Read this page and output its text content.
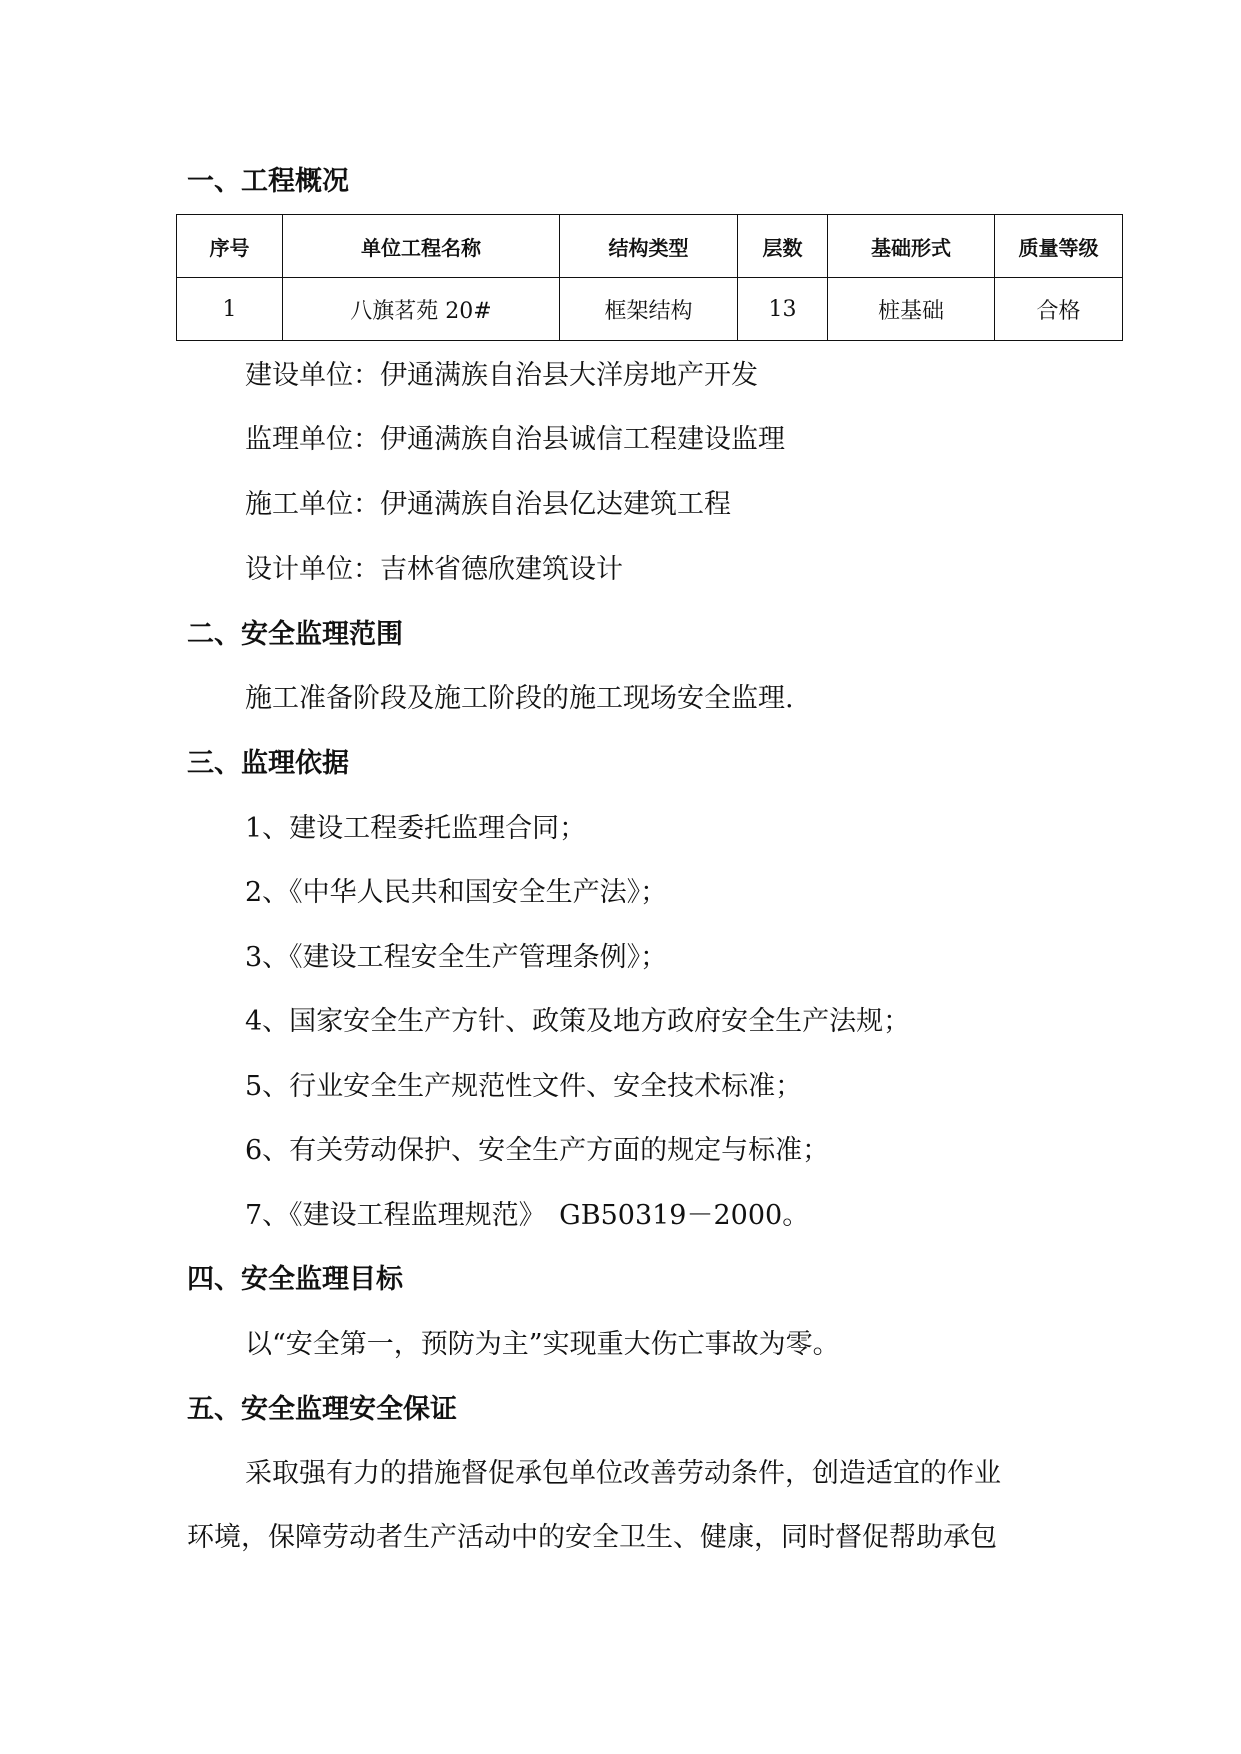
一、工程概况
序号	单位工程名称	结构类型	层数	基础形式	质量等级
1	八旗茗苑 20#	框架结构	13	桩基础	合格
建设单位：伊通满族自治县大洋房地产开发
监理单位：伊通满族自治县诚信工程建设监理
施工单位：伊通满族自治县亿达建筑工程
设计单位：吉林省德欣建筑设计
二、安全监理范围
施工准备阶段及施工阶段的施工现场安全监理.
三、监理依据
1、建设工程委托监理合同；
2、《中华人民共和国安全生产法》；
3、《建设工程安全生产管理条例》；
4、国家安全生产方针、政策及地方政府安全生产法规；
5、行业安全生产规范性文件、安全技术标准；
6、有关劳动保护、安全生产方面的规定与标准；
7、《建设工程监理规范》　GB50319－2000。
四、安全监理目标
以“安全第一，预防为主”实现重大伤亡事故为零。
五、安全监理安全保证
采取强有力的措施督促承包单位改善劳动条件，创造适宜的作业
环境，保障劳动者生产活动中的安全卫生、健康，同时督促帮助承包
